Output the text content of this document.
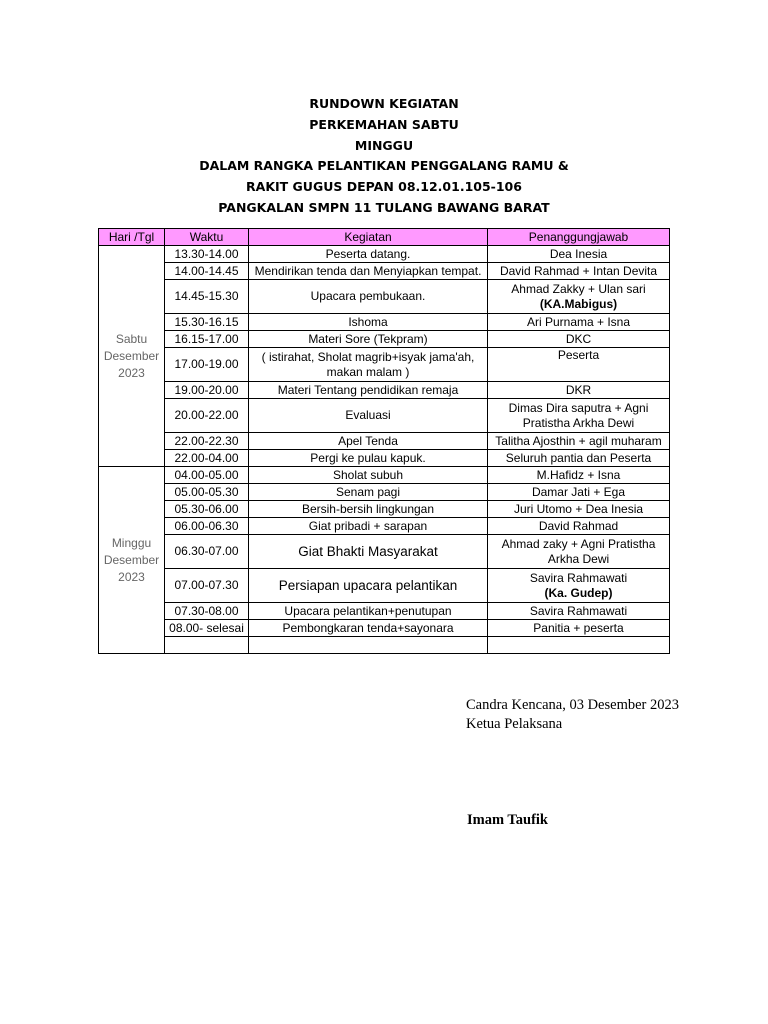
RUNDOWN KEGIATAN
PERKEMAHAN SABTU
MINGGU
DALAM RANGKA PELANTIKAN PENGGALANG RAMU &
RAKIT GUGUS DEPAN 08.12.01.105-106
PANGKALAN SMPN 11 TULANG BAWANG BARAT
Hari /Tgl	Waktu	Kegiatan	Penanggungjawab
Sabtu
Desember
2023	13.30-14.00	Peserta datang.	Dea Inesia
	14.00-14.45	Mendirikan tenda dan Menyiapkan tempat.	David Rahmad + Intan Devita
	14.45-15.30	Upacara pembukaan.	Ahmad Zakky + Ulan sari
(KA.Mabigus)

	15.30-16.15	Ishoma	Ari Purnama + Isna
	16.15-17.00	Materi Sore (Tekpram)	DKC
	17.00-19.00	( istirahat, Sholat magrib+isyak jama'ah, makan malam )	Peserta
	19.00-20.00	Materi Tentang pendidikan remaja	DKR
	20.00-22.00	Evaluasi	Dimas Dira saputra + Agni Pratistha Arkha Dewi
	22.00-22.30	Apel Tenda	Talitha Ajosthin + agil muharam
	22.00-04.00	Pergi ke pulau kapuk.	Seluruh pantia dan Peserta
Minggu
Desember
2023	04.00-05.00	Sholat subuh	M.Hafidz + Isna
	05.00-05.30	Senam pagi	Damar Jati + Ega
	05.30-06.00	Bersih-bersih lingkungan	Juri Utomo + Dea Inesia
	06.00-06.30	Giat pribadi + sarapan	David Rahmad
	06.30-07.00	Giat Bhakti Masyarakat	Ahmad zaky + Agni Pratistha Arkha Dewi
	07.00-07.30	Persiapan upacara pelantikan	Savira Rahmawati
(Ka. Gudep)

	07.30-08.00	Upacara pelantikan+penutupan	Savira Rahmawati
	08.00- selesai	Pembongkaran tenda+sayonara	Panitia + peserta

Candra Kencana, 03 Desember 2023
Ketua Pelaksana
Imam Taufik
